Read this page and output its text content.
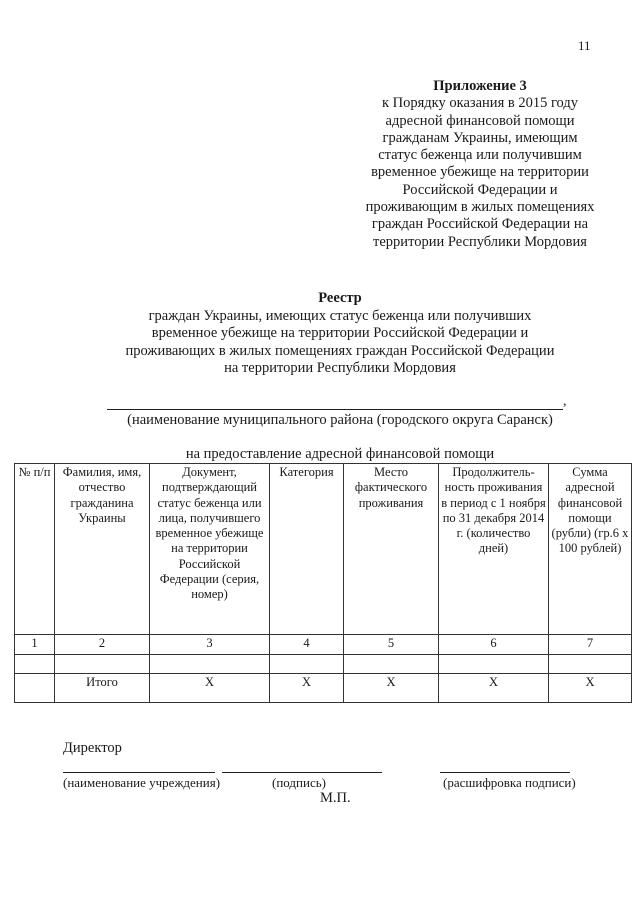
11
Приложение 3
к Порядку оказания в 2015 году
адресной финансовой помощи
гражданам Украины, имеющим
статус беженца или получившим
временное убежище на территории
Российской Федерации и
проживающим в жилых помещениях
граждан Российской Федерации на
территории Республики Мордовия
Реестр
граждан Украины, имеющих статус беженца или получивших
временное убежище на территории Российской Федерации и
проживающих в жилых помещениях граждан Российской Федерации
на территории Республики Мордовия
,
(наименование муниципального района (городского округа Саранск)
на предоставление адресной финансовой помощи
№ п/п	Фамилия, имя, отчество гражданина Украины	Документ, подтверждающий статус беженца или лица, получившего временное убежище на территории Российской Федерации (серия, номер)	Категория	Место фактического проживания	Продолжитель-ность проживания в период с 1 ноября по 31 декабря 2014 г. (количество дней)	Сумма адресной финансовой помощи (рубли) (гр.6 x 100 рублей)
1	2	3	4	5	6	7

	Итого	X	X	X	X	X
Директор
(наименование учреждения)	(подпись)	(расшифровка подписи)
М.П.
